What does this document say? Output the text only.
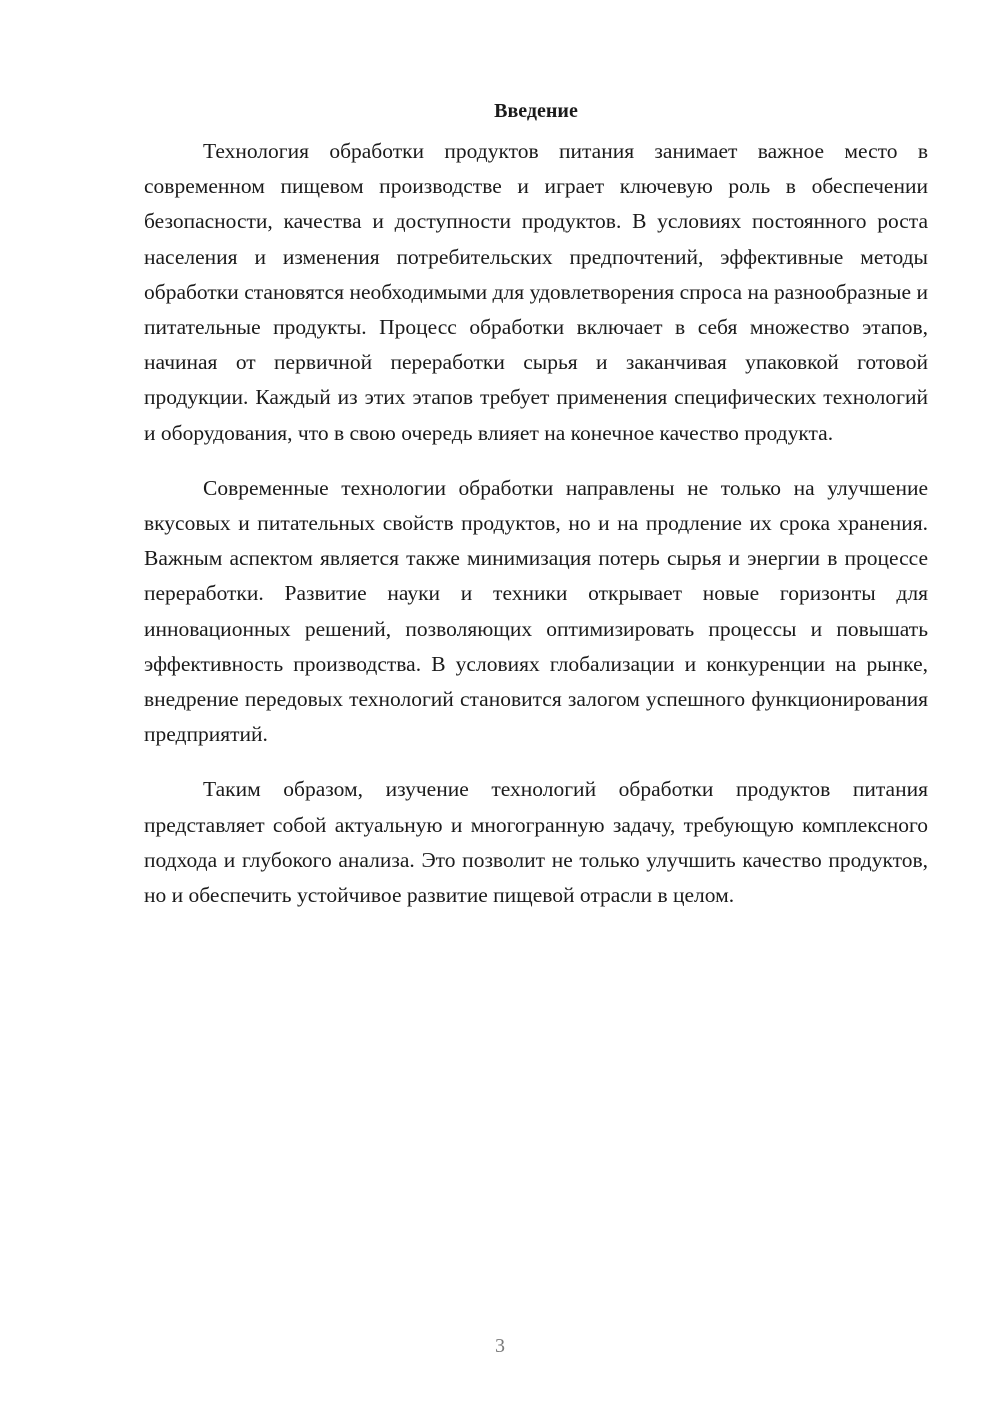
Введение

Технология обработки продуктов питания занимает важное место в современном пищевом производстве и играет ключевую роль в обеспечении безопасности, качества и доступности продуктов. В условиях постоянного роста населения и изменения потребительских предпочтений, эффективные методы обработки становятся необходимыми для удовлетворения спроса на разнообразные и питательные продукты. Процесс обработки включает в себя множество этапов, начиная от первичной переработки сырья и заканчивая упаковкой готовой продукции. Каждый из этих этапов требует применения специфических технологий и оборудования, что в свою очередь влияет на конечное качество продукта.

Современные технологии обработки направлены не только на улучшение вкусовых и питательных свойств продуктов, но и на продление их срока хранения. Важным аспектом является также минимизация потерь сырья и энергии в процессе переработки. Развитие науки и техники открывает новые горизонты для инновационных решений, позволяющих оптимизировать процессы и повышать эффективность производства. В условиях глобализации и конкуренции на рынке, внедрение передовых технологий становится залогом успешного функционирования предприятий.

Таким образом, изучение технологий обработки продуктов питания представляет собой актуальную и многогранную задачу, требующую комплексного подхода и глубокого анализа. Это позволит не только улучшить качество продуктов, но и обеспечить устойчивое развитие пищевой отрасли в целом.

3
